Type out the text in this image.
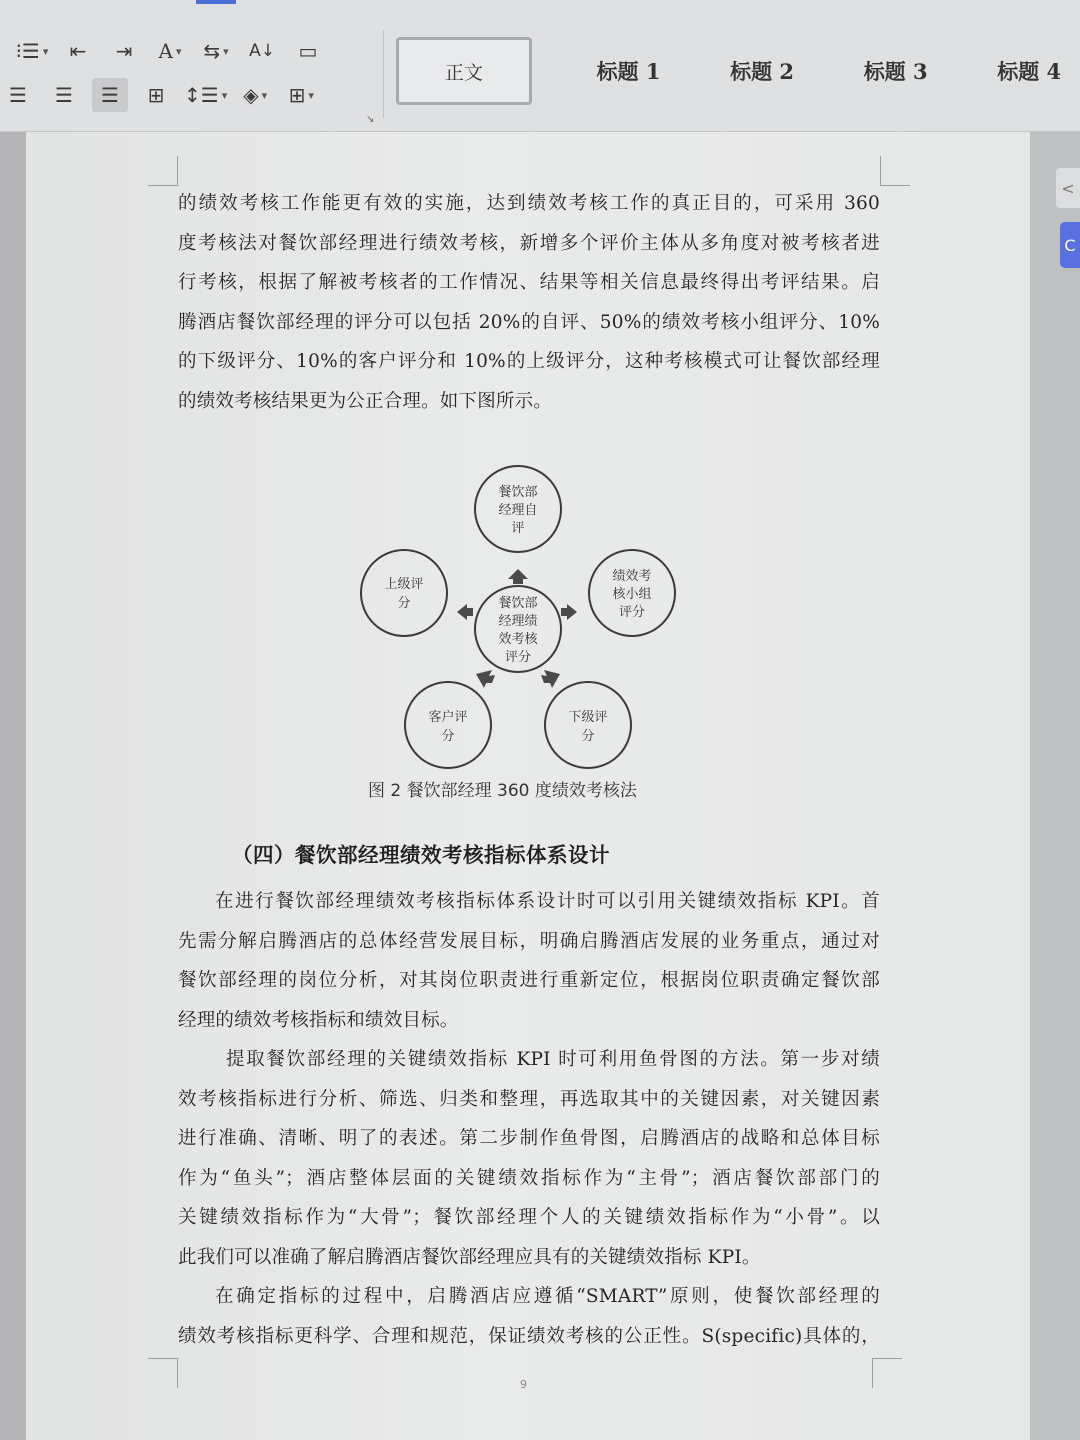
⁝☰ ▾	⇤	⇥	A ▾ ⇆ ▾ A↓	▭
☰	☰	☰	⊞ ↕☰ ▾ ◈ ▾ ⊞ ▾
↘
正文	标题 1	标题 2	标题 3	标题 4
<
C

的绩效考核工作能更有效的实施，达到绩效考核工作的真正目的，可采用 360

度考核法对餐饮部经理进行绩效考核，新增多个评价主体从多角度对被考核者进

行考核，根据了解被考核者的工作情况、结果等相关信息最终得出考评结果。启

腾酒店餐饮部经理的评分可以包括 20%的自评、50%的绩效考核小组评分、10%

的下级评分、10%的客户评分和 10%的上级评分，这种考核模式可让餐饮部经理

的绩效考核结果更为公正合理。如下图所示。

餐饮部
经理自
评
绩效考
核小组
评分
上级评
分	餐饮部
经理绩
效考核
评分
客户评
分
下级评
分
图 2 餐饮部经理 360 度绩效考核法
（四）餐饮部经理绩效考核指标体系设计

在进行餐饮部经理绩效考核指标体系设计时可以引用关键绩效指标 KPI。首

先需分解启腾酒店的总体经营发展目标，明确启腾酒店发展的业务重点，通过对

餐饮部经理的岗位分析，对其岗位职责进行重新定位，根据岗位职责确定餐饮部

经理的绩效考核指标和绩效目标。

提取餐饮部经理的关键绩效指标 KPI 时可利用鱼骨图的方法。第一步对绩

效考核指标进行分析、筛选、归类和整理，再选取其中的关键因素，对关键因素

进行准确、清晰、明了的表述。第二步制作鱼骨图，启腾酒店的战略和总体目标

作为“鱼头”；酒店整体层面的关键绩效指标作为“主骨”；酒店餐饮部部门的

关键绩效指标作为“大骨”；餐饮部经理个人的关键绩效指标作为“小骨”。以

此我们可以准确了解启腾酒店餐饮部经理应具有的关键绩效指标 KPI。

在确定指标的过程中，启腾酒店应遵循“SMART”原则，使餐饮部经理的

绩效考核指标更科学、合理和规范，保证绩效考核的公正性。S(specific)具体的，

9
